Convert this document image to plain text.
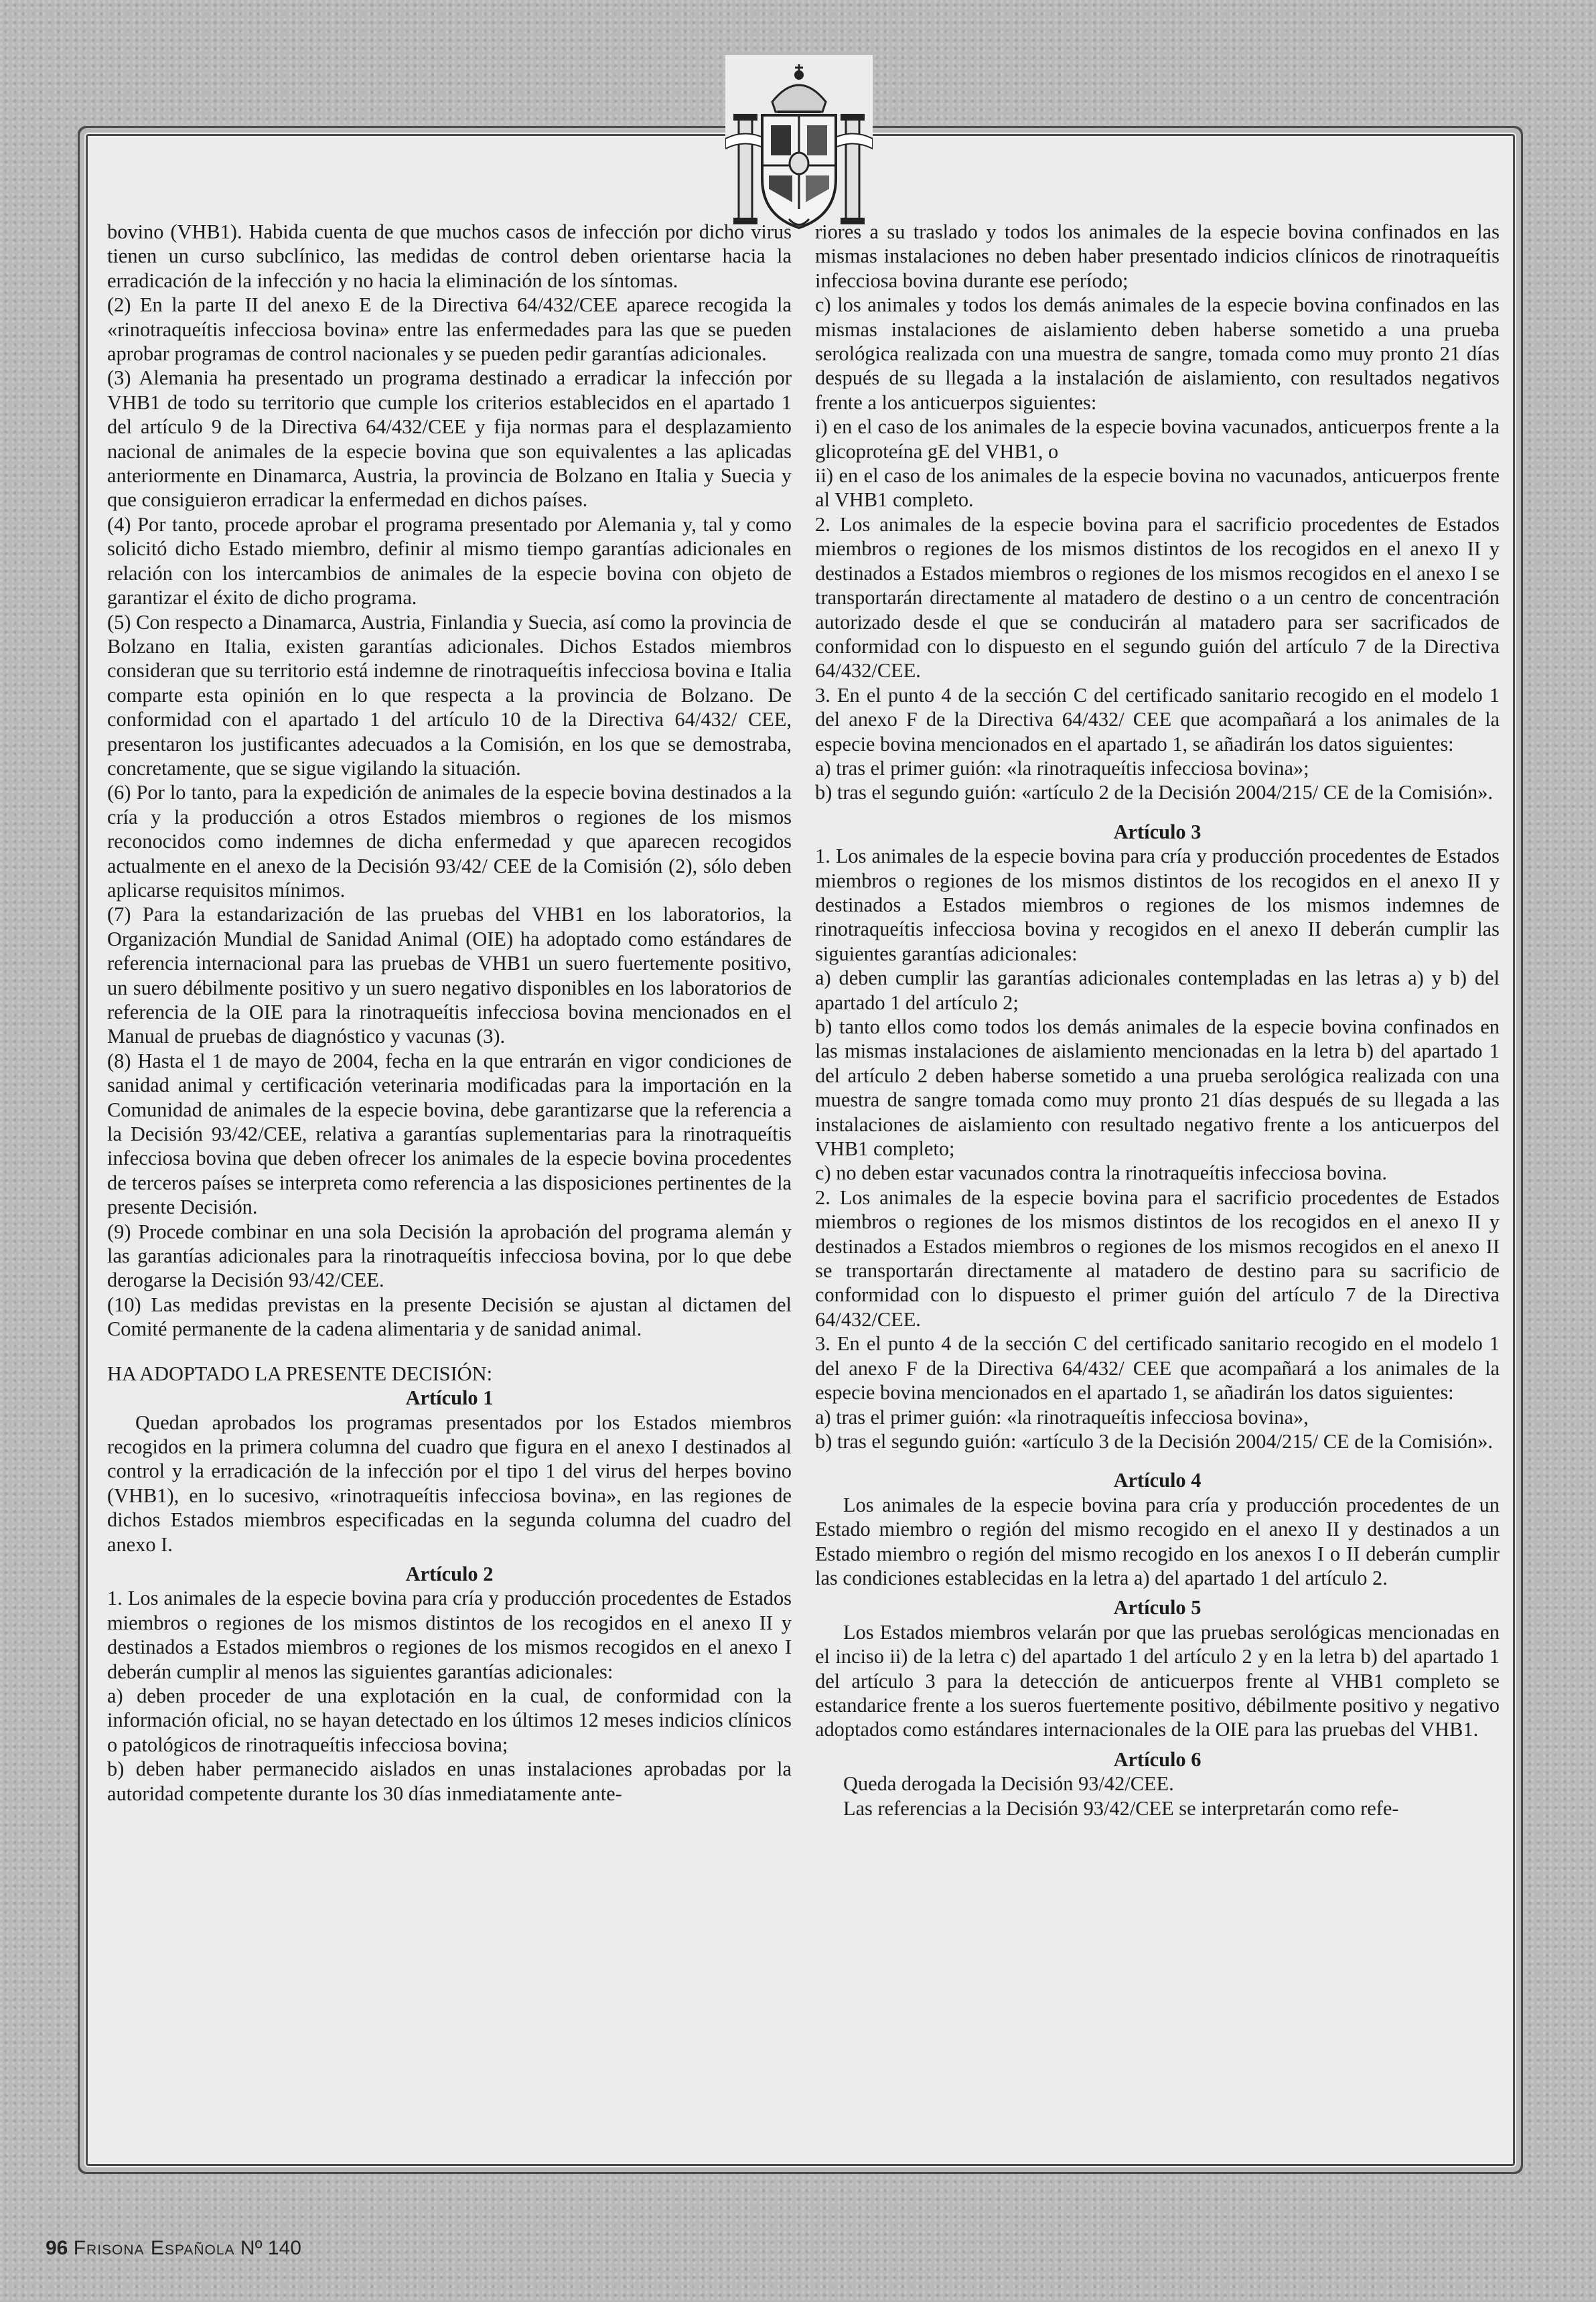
bovino (VHB1). Habida cuenta de que muchos casos de infección por dicho virus tienen un curso subclínico, las medidas de control deben orientarse hacia la erradicación de la infección y no hacia la eliminación de los síntomas.

(2) En la parte II del anexo E de la Directiva 64/432/CEE aparece recogida la «rinotraqueítis infecciosa bovina» entre las enfermedades para las que se pueden aprobar programas de control nacionales y se pueden pedir garantías adicionales.

(3) Alemania ha presentado un programa destinado a erradicar la infección por VHB1 de todo su territorio que cumple los criterios establecidos en el apartado 1 del artículo 9 de la Directiva 64/432/CEE y fija normas para el desplazamiento nacional de animales de la especie bovina que son equivalentes a las aplicadas anteriormente en Dinamarca, Austria, la provincia de Bolzano en Italia y Suecia y que consiguieron erradicar la enfermedad en dichos países.

(4) Por tanto, procede aprobar el programa presentado por Alemania y, tal y como solicitó dicho Estado miembro, definir al mismo tiempo garantías adicionales en relación con los intercambios de animales de la especie bovina con objeto de garantizar el éxito de dicho programa.

(5) Con respecto a Dinamarca, Austria, Finlandia y Suecia, así como la provincia de Bolzano en Italia, existen garantías adicionales. Dichos Estados miembros consideran que su territorio está indemne de rinotraqueítis infecciosa bovina e Italia comparte esta opinión en lo que respecta a la provincia de Bolzano. De conformidad con el apartado 1 del artículo 10 de la Directiva 64/432/ CEE, presentaron los justificantes adecuados a la Comisión, en los que se demostraba, concretamente, que se sigue vigilando la situación.

(6) Por lo tanto, para la expedición de animales de la especie bovina destinados a la cría y la producción a otros Estados miembros o regiones de los mismos reconocidos como indemnes de dicha enfermedad y que aparecen recogidos actualmente en el anexo de la Decisión 93/42/ CEE de la Comisión (2), sólo deben aplicarse requisitos mínimos.

(7) Para la estandarización de las pruebas del VHB1 en los laboratorios, la Organización Mundial de Sanidad Animal (OIE) ha adoptado como estándares de referencia internacional para las pruebas de VHB1 un suero fuertemente positivo, un suero débilmente positivo y un suero negativo disponibles en los laboratorios de referencia de la OIE para la rinotraqueítis infecciosa bovina mencionados en el Manual de pruebas de diagnóstico y vacunas (3).

(8) Hasta el 1 de mayo de 2004, fecha en la que entrarán en vigor condiciones de sanidad animal y certificación veterinaria modificadas para la importación en la Comunidad de animales de la especie bovina, debe garantizarse que la referencia a la Decisión 93/42/CEE, relativa a garantías suplementarias para la rinotraqueítis infecciosa bovina que deben ofrecer los animales de la especie bovina procedentes de terceros países se interpreta como referencia a las disposiciones pertinentes de la presente Decisión.

(9) Procede combinar en una sola Decisión la aprobación del programa alemán y las garantías adicionales para la rinotraqueítis infecciosa bovina, por lo que debe derogarse la Decisión 93/42/CEE.

(10) Las medidas previstas en la presente Decisión se ajustan al dictamen del Comité permanente de la cadena alimentaria y de sanidad animal.

HA ADOPTADO LA PRESENTE DECISIÓN:

Artículo 1

Quedan aprobados los programas presentados por los Estados miembros recogidos en la primera columna del cuadro que figura en el anexo I destinados al control y la erradicación de la infección por el tipo 1 del virus del herpes bovino (VHB1), en lo sucesivo, «rinotraqueítis infecciosa bovina», en las regiones de dichos Estados miembros especificadas en la segunda columna del cuadro del anexo I.

Artículo 2

1. Los animales de la especie bovina para cría y producción procedentes de Estados miembros o regiones de los mismos distintos de los recogidos en el anexo II y destinados a Estados miembros o regiones de los mismos recogidos en el anexo I deberán cumplir al menos las siguientes garantías adicionales:

a) deben proceder de una explotación en la cual, de conformidad con la información oficial, no se hayan detectado en los últimos 12 meses indicios clínicos o patológicos de rinotraqueítis infecciosa bovina;

b) deben haber permanecido aislados en unas instalaciones aprobadas por la autoridad competente durante los 30 días inmediatamente ante-

riores a su traslado y todos los animales de la especie bovina confinados en las mismas instalaciones no deben haber presentado indicios clínicos de rinotraqueítis infecciosa bovina durante ese período;

c) los animales y todos los demás animales de la especie bovina confinados en las mismas instalaciones de aislamiento deben haberse sometido a una prueba serológica realizada con una muestra de sangre, tomada como muy pronto 21 días después de su llegada a la instalación de aislamiento, con resultados negativos frente a los anticuerpos siguientes:

i) en el caso de los animales de la especie bovina vacunados, anticuerpos frente a la glicoproteína gE del VHB1, o

ii) en el caso de los animales de la especie bovina no vacunados, anticuerpos frente al VHB1 completo.

2. Los animales de la especie bovina para el sacrificio procedentes de Estados miembros o regiones de los mismos distintos de los recogidos en el anexo II y destinados a Estados miembros o regiones de los mismos recogidos en el anexo I se transportarán directamente al matadero de destino o a un centro de concentración autorizado desde el que se conducirán al matadero para ser sacrificados de conformidad con lo dispuesto en el segundo guión del artículo 7 de la Directiva 64/432/CEE.

3. En el punto 4 de la sección C del certificado sanitario recogido en el modelo 1 del anexo F de la Directiva 64/432/ CEE que acompañará a los animales de la especie bovina mencionados en el apartado 1, se añadirán los datos siguientes:

a) tras el primer guión: «la rinotraqueítis infecciosa bovina»;

b) tras el segundo guión: «artículo 2 de la Decisión 2004/215/ CE de la Comisión».

Artículo 3

1. Los animales de la especie bovina para cría y producción procedentes de Estados miembros o regiones de los mismos distintos de los recogidos en el anexo II y destinados a Estados miembros o regiones de los mismos indemnes de rinotraqueítis infecciosa bovina y recogidos en el anexo II deberán cumplir las siguientes garantías adicionales:

a) deben cumplir las garantías adicionales contempladas en las letras a) y b) del apartado 1 del artículo 2;

b) tanto ellos como todos los demás animales de la especie bovina confinados en las mismas instalaciones de aislamiento mencionadas en la letra b) del apartado 1 del artículo 2 deben haberse sometido a una prueba serológica realizada con una muestra de sangre tomada como muy pronto 21 días después de su llegada a las instalaciones de aislamiento con resultado negativo frente a los anticuerpos del VHB1 completo;

c) no deben estar vacunados contra la rinotraqueítis infecciosa bovina.

2. Los animales de la especie bovina para el sacrificio procedentes de Estados miembros o regiones de los mismos distintos de los recogidos en el anexo II y destinados a Estados miembros o regiones de los mismos recogidos en el anexo II se transportarán directamente al matadero de destino para su sacrificio de conformidad con lo dispuesto el primer guión del artículo 7 de la Directiva 64/432/CEE.

3. En el punto 4 de la sección C del certificado sanitario recogido en el modelo 1 del anexo F de la Directiva 64/432/ CEE que acompañará a los animales de la especie bovina mencionados en el apartado 1, se añadirán los datos siguientes:

a) tras el primer guión: «la rinotraqueítis infecciosa bovina»,

b) tras el segundo guión: «artículo 3 de la Decisión 2004/215/ CE de la Comisión».

Artículo 4

Los animales de la especie bovina para cría y producción procedentes de un Estado miembro o región del mismo recogido en el anexo II y destinados a un Estado miembro o región del mismo recogido en los anexos I o II deberán cumplir las condiciones establecidas en la letra a) del apartado 1 del artículo 2.

Artículo 5

Los Estados miembros velarán por que las pruebas serológicas mencionadas en el inciso ii) de la letra c) del apartado 1 del artículo 2 y en la letra b) del apartado 1 del artículo 3 para la detección de anticuerpos frente al VHB1 completo se estandarice frente a los sueros fuertemente positivo, débilmente positivo y negativo adoptados como estándares internacionales de la OIE para las pruebas del VHB1.

Artículo 6

Queda derogada la Decisión 93/42/CEE.

Las referencias a la Decisión 93/42/CEE se interpretarán como refe-

96 Frisona Española Nº 140
